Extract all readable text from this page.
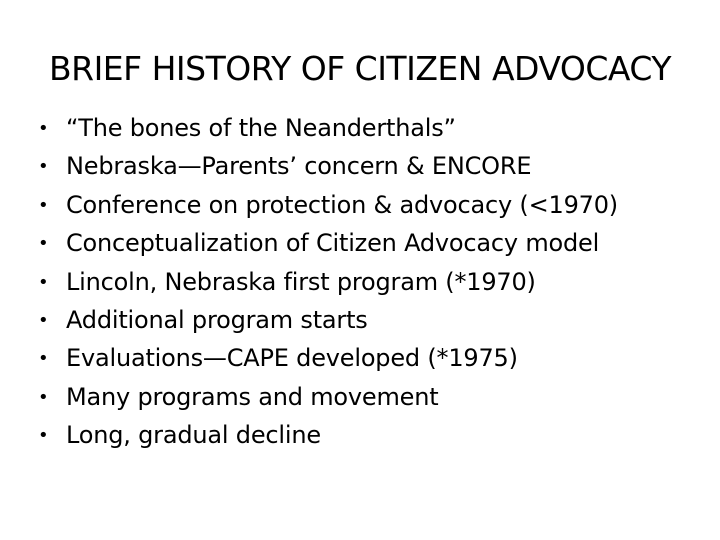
BRIEF HISTORY OF CITIZEN ADVOCACY
• “The bones of the Neanderthals”
• Nebraska—Parents’ concern & ENCORE
• Conference on protection & advocacy (<1970)
• Conceptualization of Citizen Advocacy model
• Lincoln, Nebraska first program (*1970)
• Additional program starts
• Evaluations—CAPE developed (*1975)
• Many programs and movement
• Long, gradual decline
